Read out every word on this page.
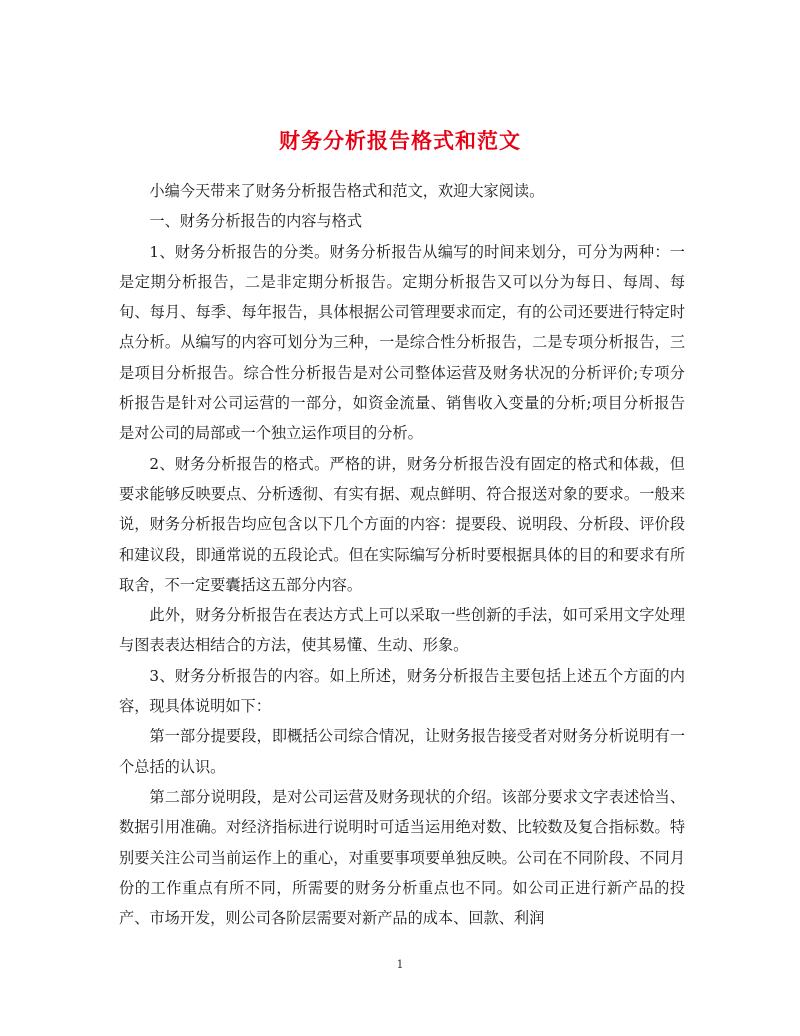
财务分析报告格式和范文

小编今天带来了财务分析报告格式和范文，欢迎大家阅读。

一、财务分析报告的内容与格式

1、财务分析报告的分类。财务分析报告从编写的时间来划分，可分为两种：一是定期分析报告，二是非定期分析报告。定期分析报告又可以分为每日、每周、每旬、每月、每季、每年报告，具体根据公司管理要求而定，有的公司还要进行特定时点分析。从编写的内容可划分为三种，一是综合性分析报告，二是专项分析报告，三是项目分析报告。综合性分析报告是对公司整体运营及财务状况的分析评价;专项分析报告是针对公司运营的一部分，如资金流量、销售收入变量的分析;项目分析报告是对公司的局部或一个独立运作项目的分析。

2、财务分析报告的格式。严格的讲，财务分析报告没有固定的格式和体裁，但要求能够反映要点、分析透彻、有实有据、观点鲜明、符合报送对象的要求。一般来说，财务分析报告均应包含以下几个方面的内容：提要段、说明段、分析段、评价段和建议段，即通常说的五段论式。但在实际编写分析时要根据具体的目的和要求有所取舍，不一定要囊括这五部分内容。

此外，财务分析报告在表达方式上可以采取一些创新的手法，如可采用文字处理与图表表达相结合的方法，使其易懂、生动、形象。

3、财务分析报告的内容。如上所述，财务分析报告主要包括上述五个方面的内容，现具体说明如下：

第一部分提要段，即概括公司综合情况，让财务报告接受者对财务分析说明有一个总括的认识。

第二部分说明段，是对公司运营及财务现状的介绍。该部分要求文字表述恰当、数据引用准确。对经济指标进行说明时可适当运用绝对数、比较数及复合指标数。特别要关注公司当前运作上的重心，对重要事项要单独反映。公司在不同阶段、不同月份的工作重点有所不同，所需要的财务分析重点也不同。如公司正进行新产品的投产、市场开发，则公司各阶层需要对新产品的成本、回款、利润

1
